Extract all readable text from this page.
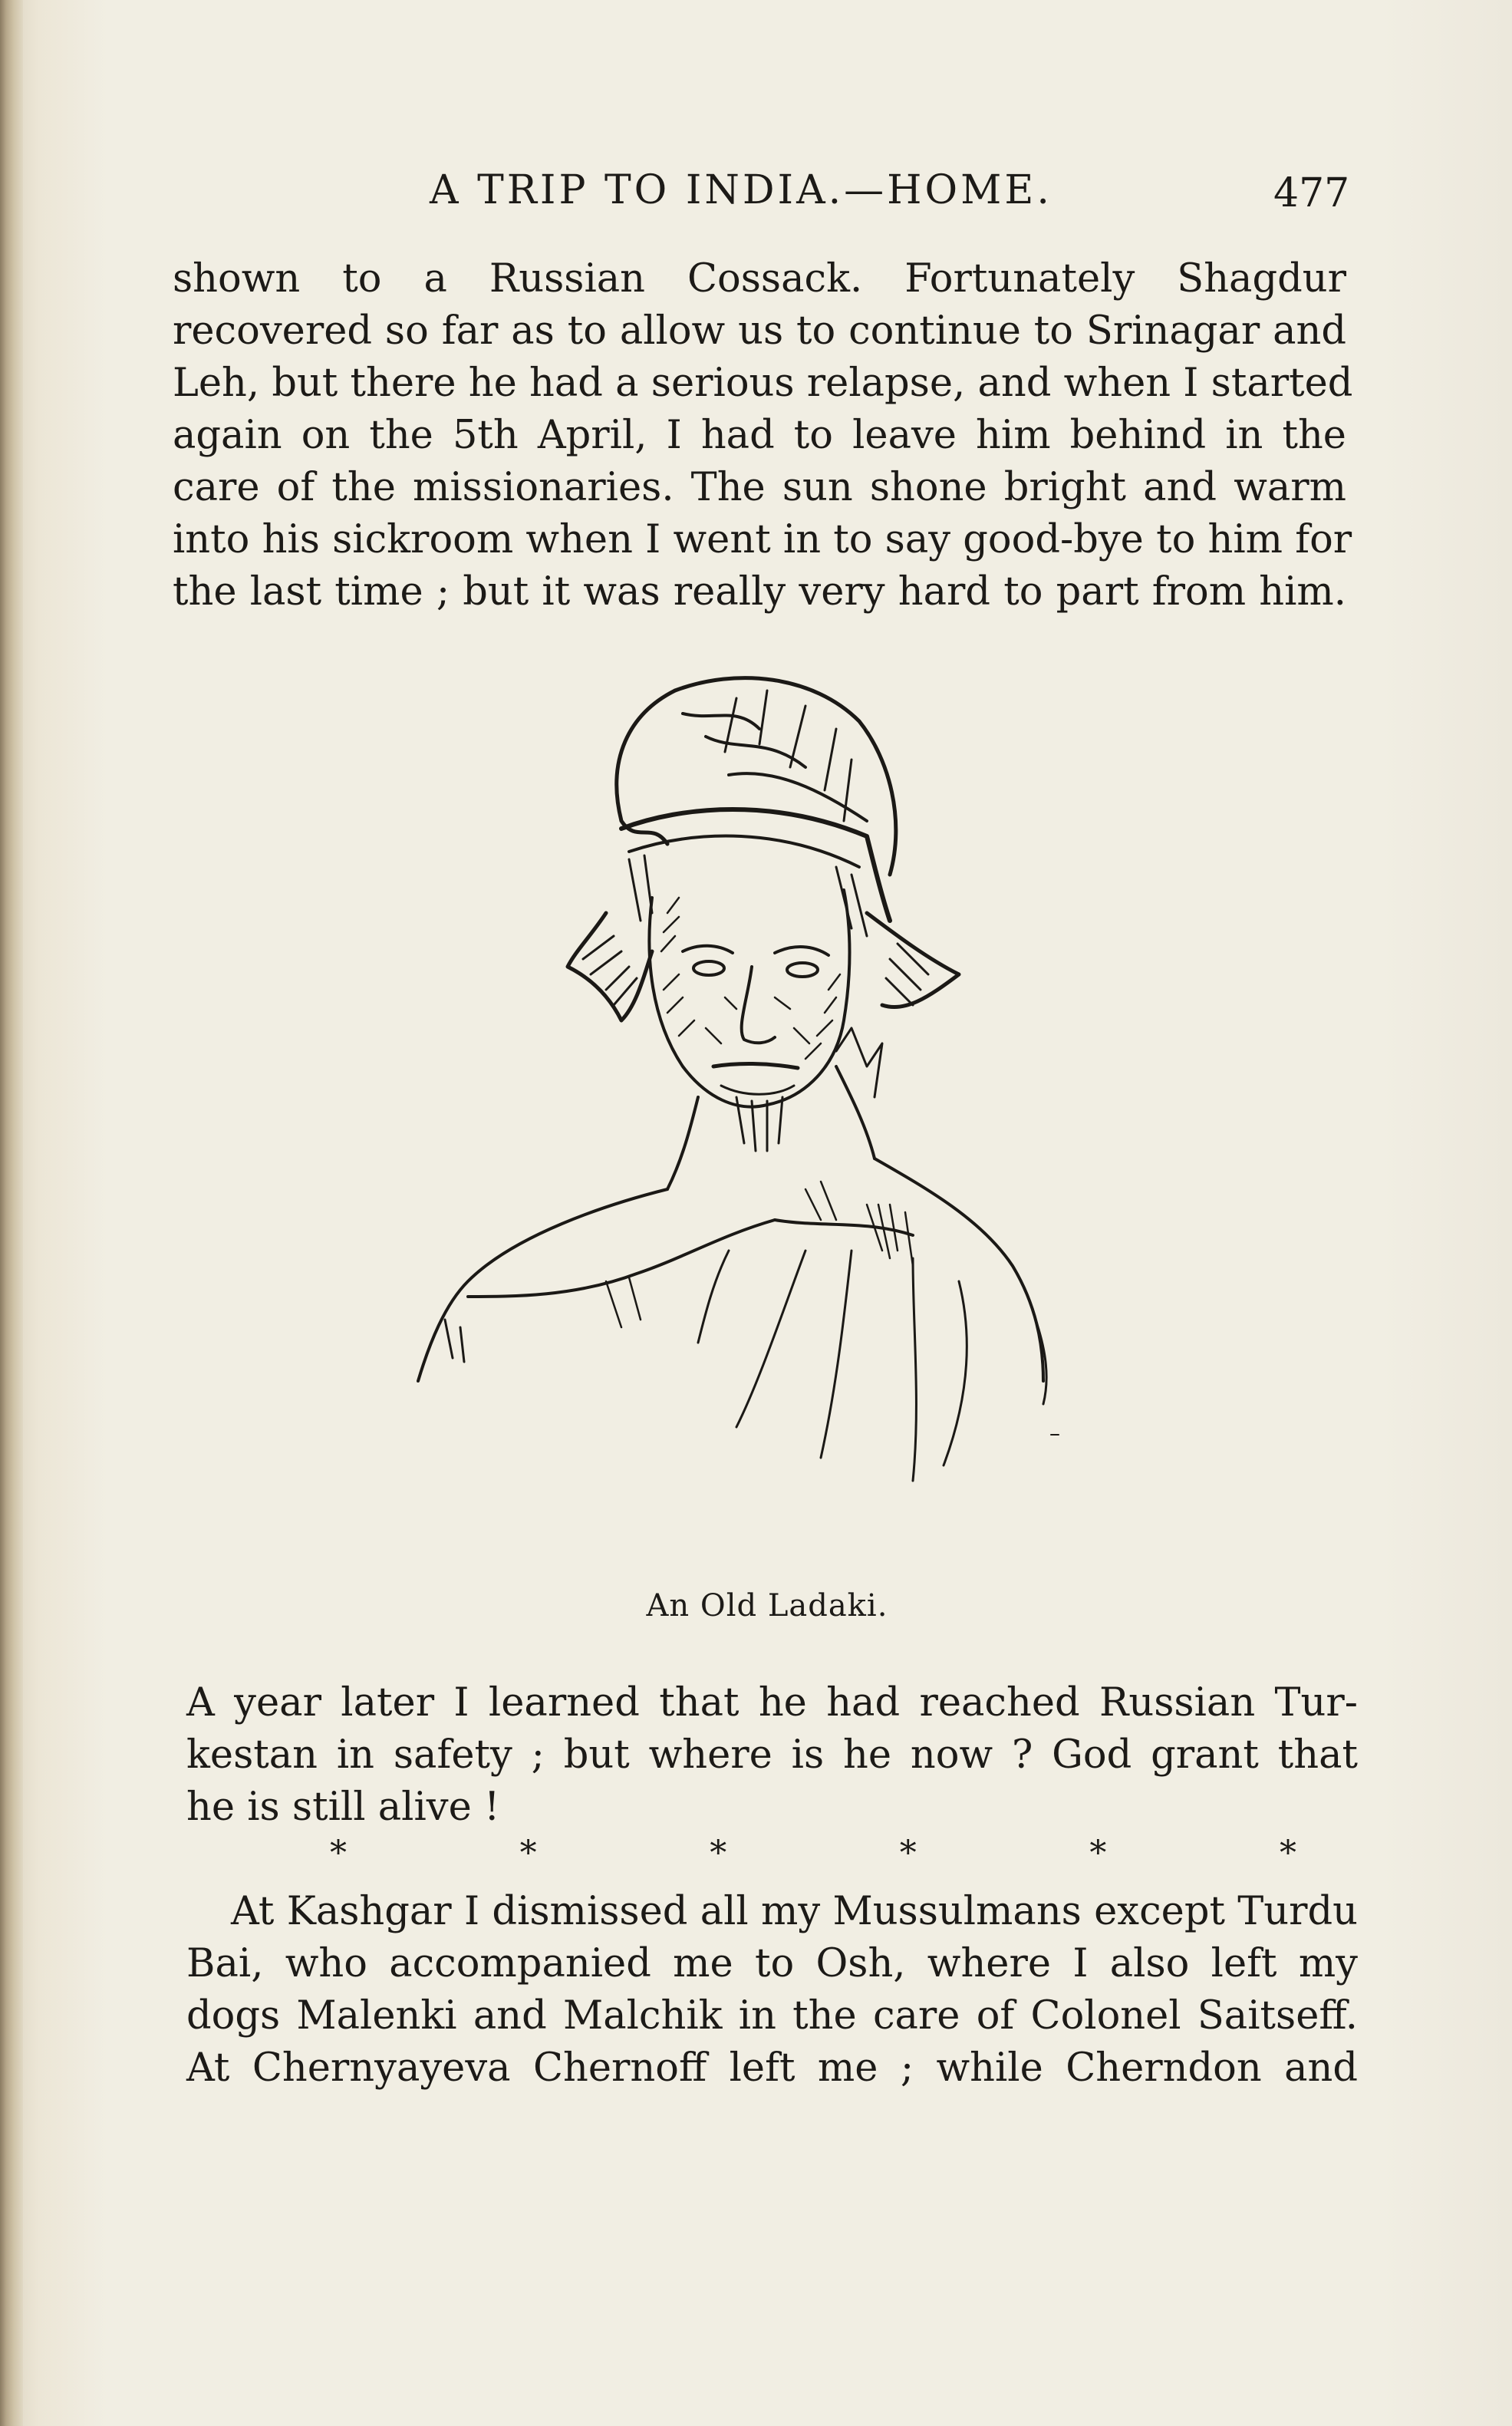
A TRIP TO INDIA.—HOME.	477
shown to a Russian Cossack. Fortunately Shagdur
recovered so far as to allow us to continue to Srinagar and
Leh, but there he had a serious relapse, and when I started
again on the 5th April, I had to leave him behind in the
care of the missionaries. The sun shone bright and warm
into his sickroom when I went in to say good-bye to him for
the last time ; but it was really very hard to part from him.
An Old Ladaki.
A year later I learned that he had reached Russian Tur-
kestan in safety ; but where is he now ? God grant that
he is still alive !
*	*	*	*	*	*
At Kashgar I dismissed all my Mussulmans except Turdu
Bai, who accompanied me to Osh, where I also left my
dogs Malenki and Malchik in the care of Colonel Saitseff.
At Chernyayeva Chernoff left me ; while Cherndon and
